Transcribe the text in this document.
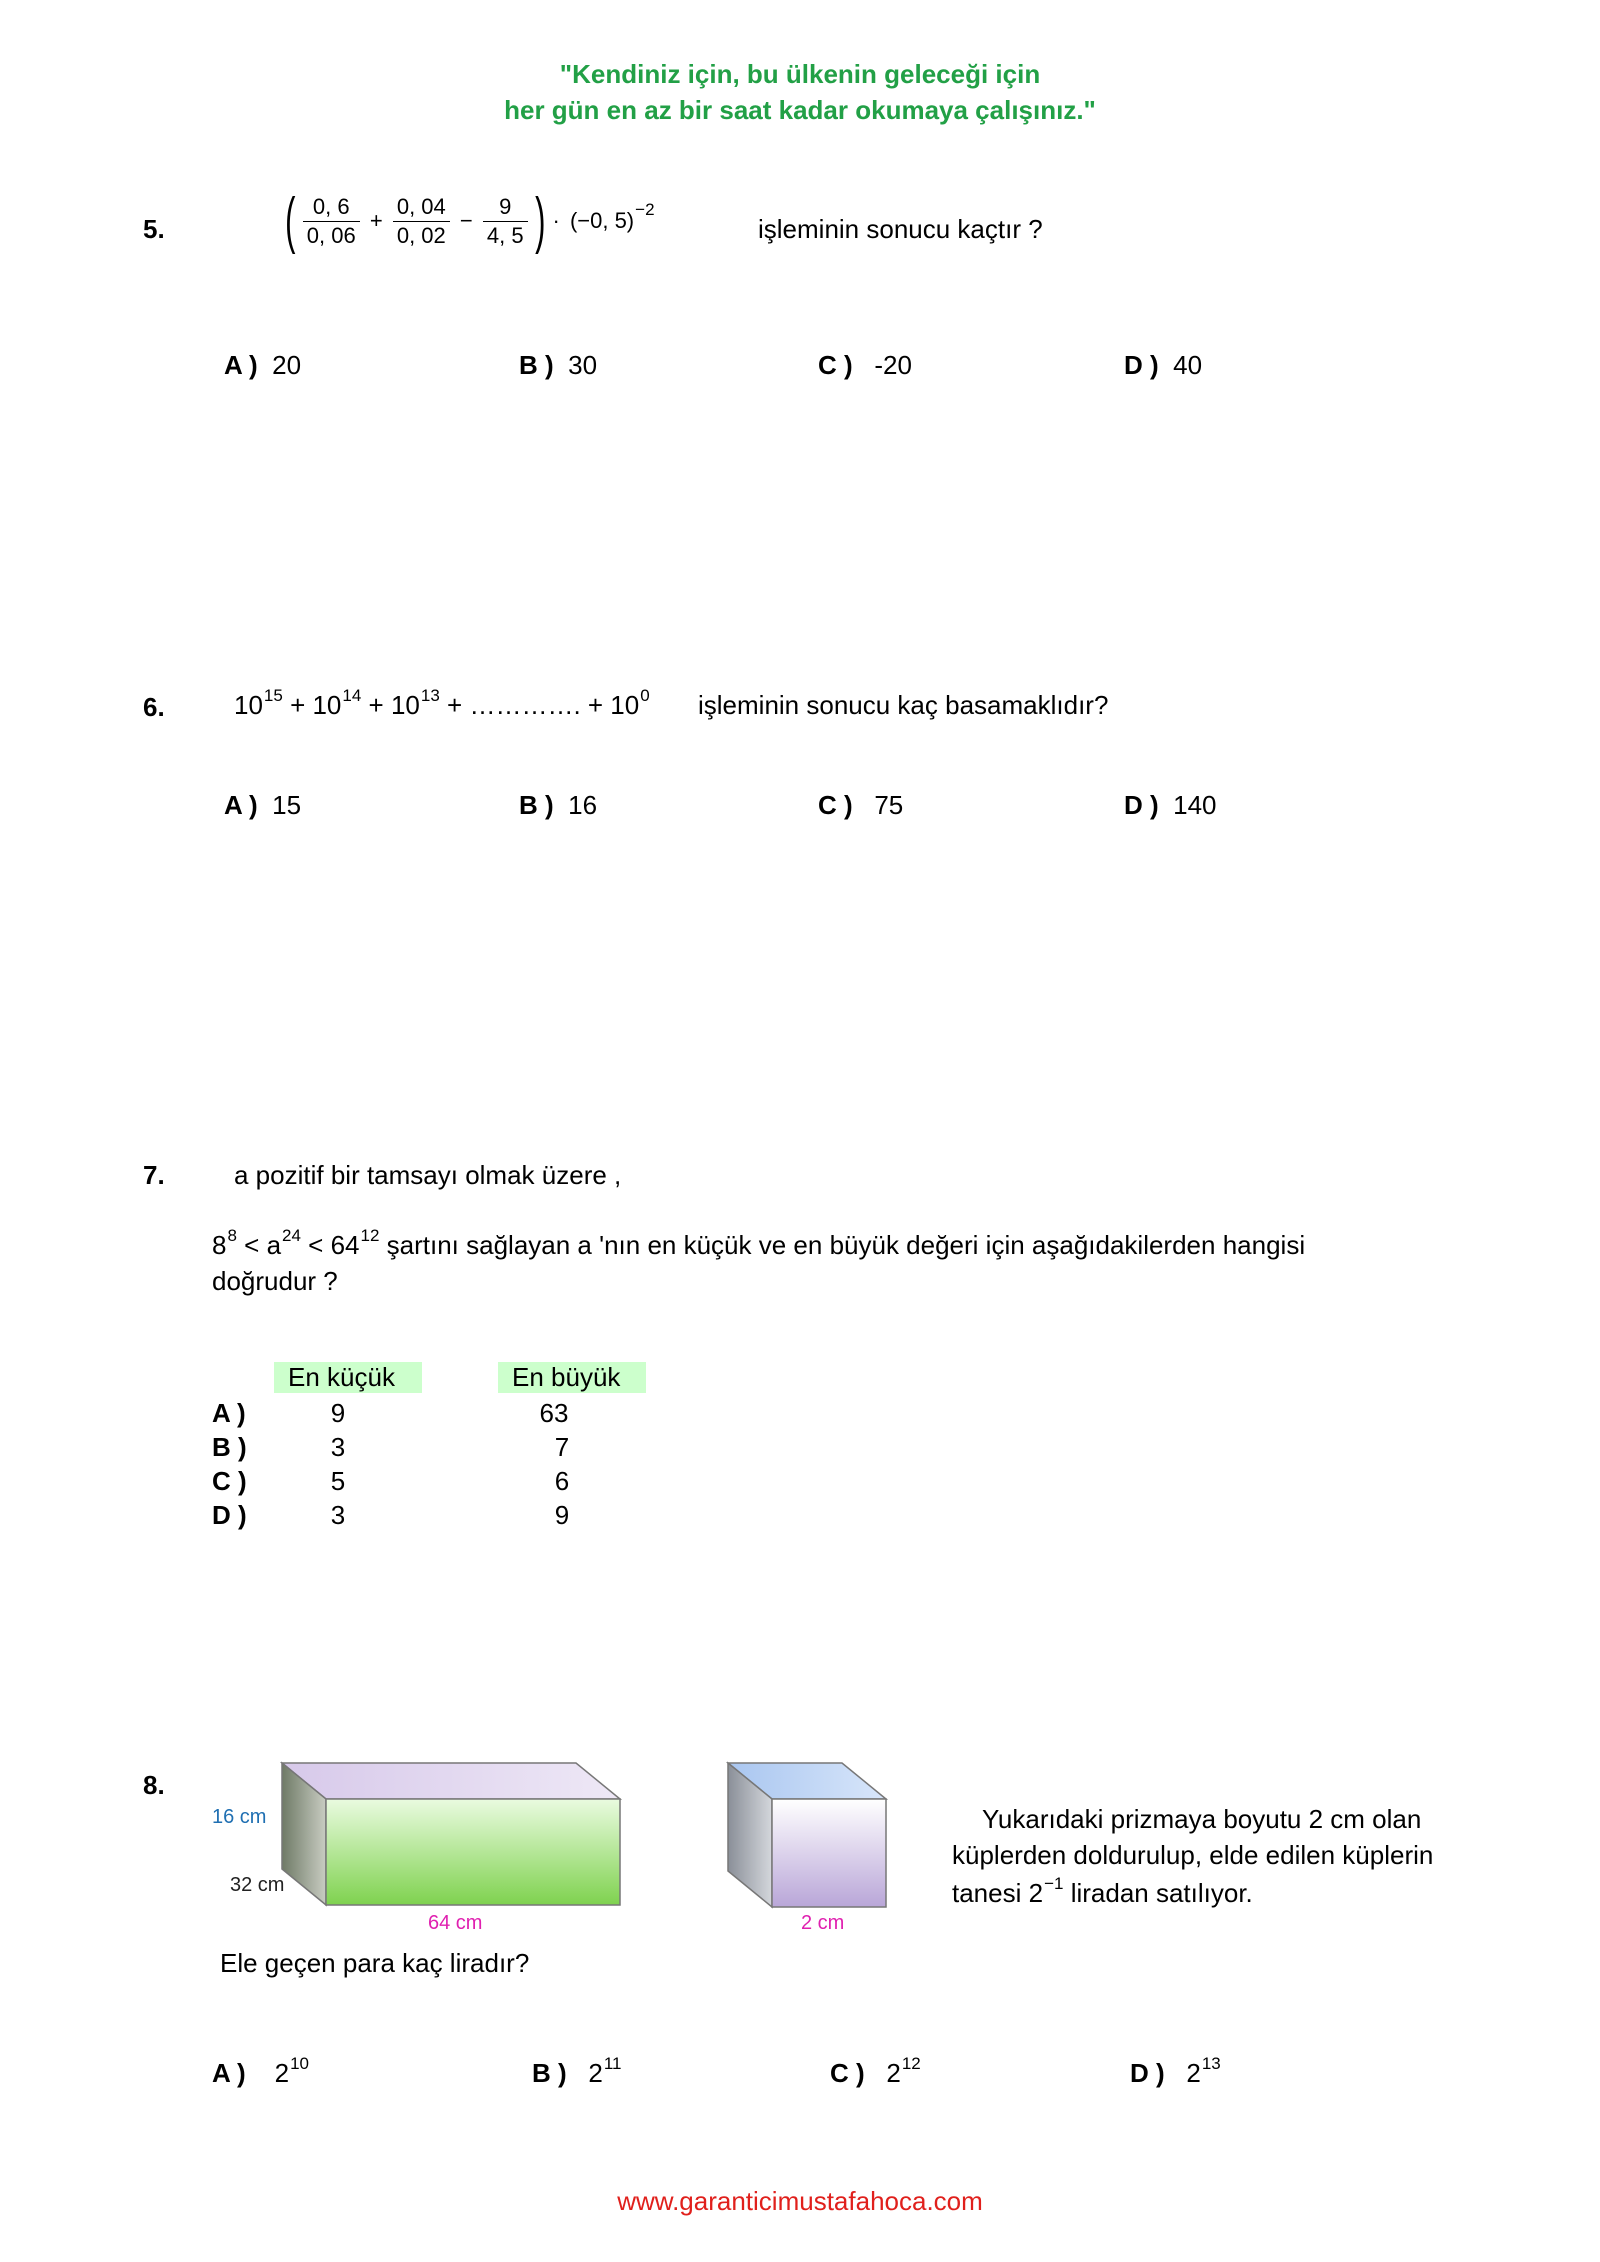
"Kendiniz için, bu ülkenin geleceği için
her gün en az bir saat kadar okumaya çalışınız."
5. ( $\frac{0, 6}{0, 06} + \frac{0, 04}{0, 02} - \frac{9}{4, 5}$ ) · (−0, 5)$^{-2}$
işleminin sonucu kaçtır ?
A ) 20	B ) 30	C ) -20	D ) 40
6.	$10^{15} + 10^{14} + 10^{13}$ + …………. + $10^0$ işleminin sonucu kaç basamaklıdır?
A ) 15	B ) 16	C ) 75	D ) 140
7.	a pozitif bir tamsayı olmak üzere ,
$8^8 < a^{24} < 64^{12}$ şartını sağlayan a 'nın en küçük ve en büyük değeri için aşağıdakilerden hangisi
doğrudur ?
En küçük	En büyük
A )	9	63
B )	3	7
C )	5	6
D )	3	9
8.
16 cm
32 cm
64 cm	2 cm
Yukarıdaki prizmaya boyutu 2 cm olan
küplerden doldurulup, elde edilen küplerin
tanesi $2^{-1}$ liradan satılıyor.
Ele geçen para kaç liradır?
A ) $2^{10}$	B ) $2^{11}$	C ) $2^{12}$	D ) $2^{13}$
www.garanticimustafahoca.com
